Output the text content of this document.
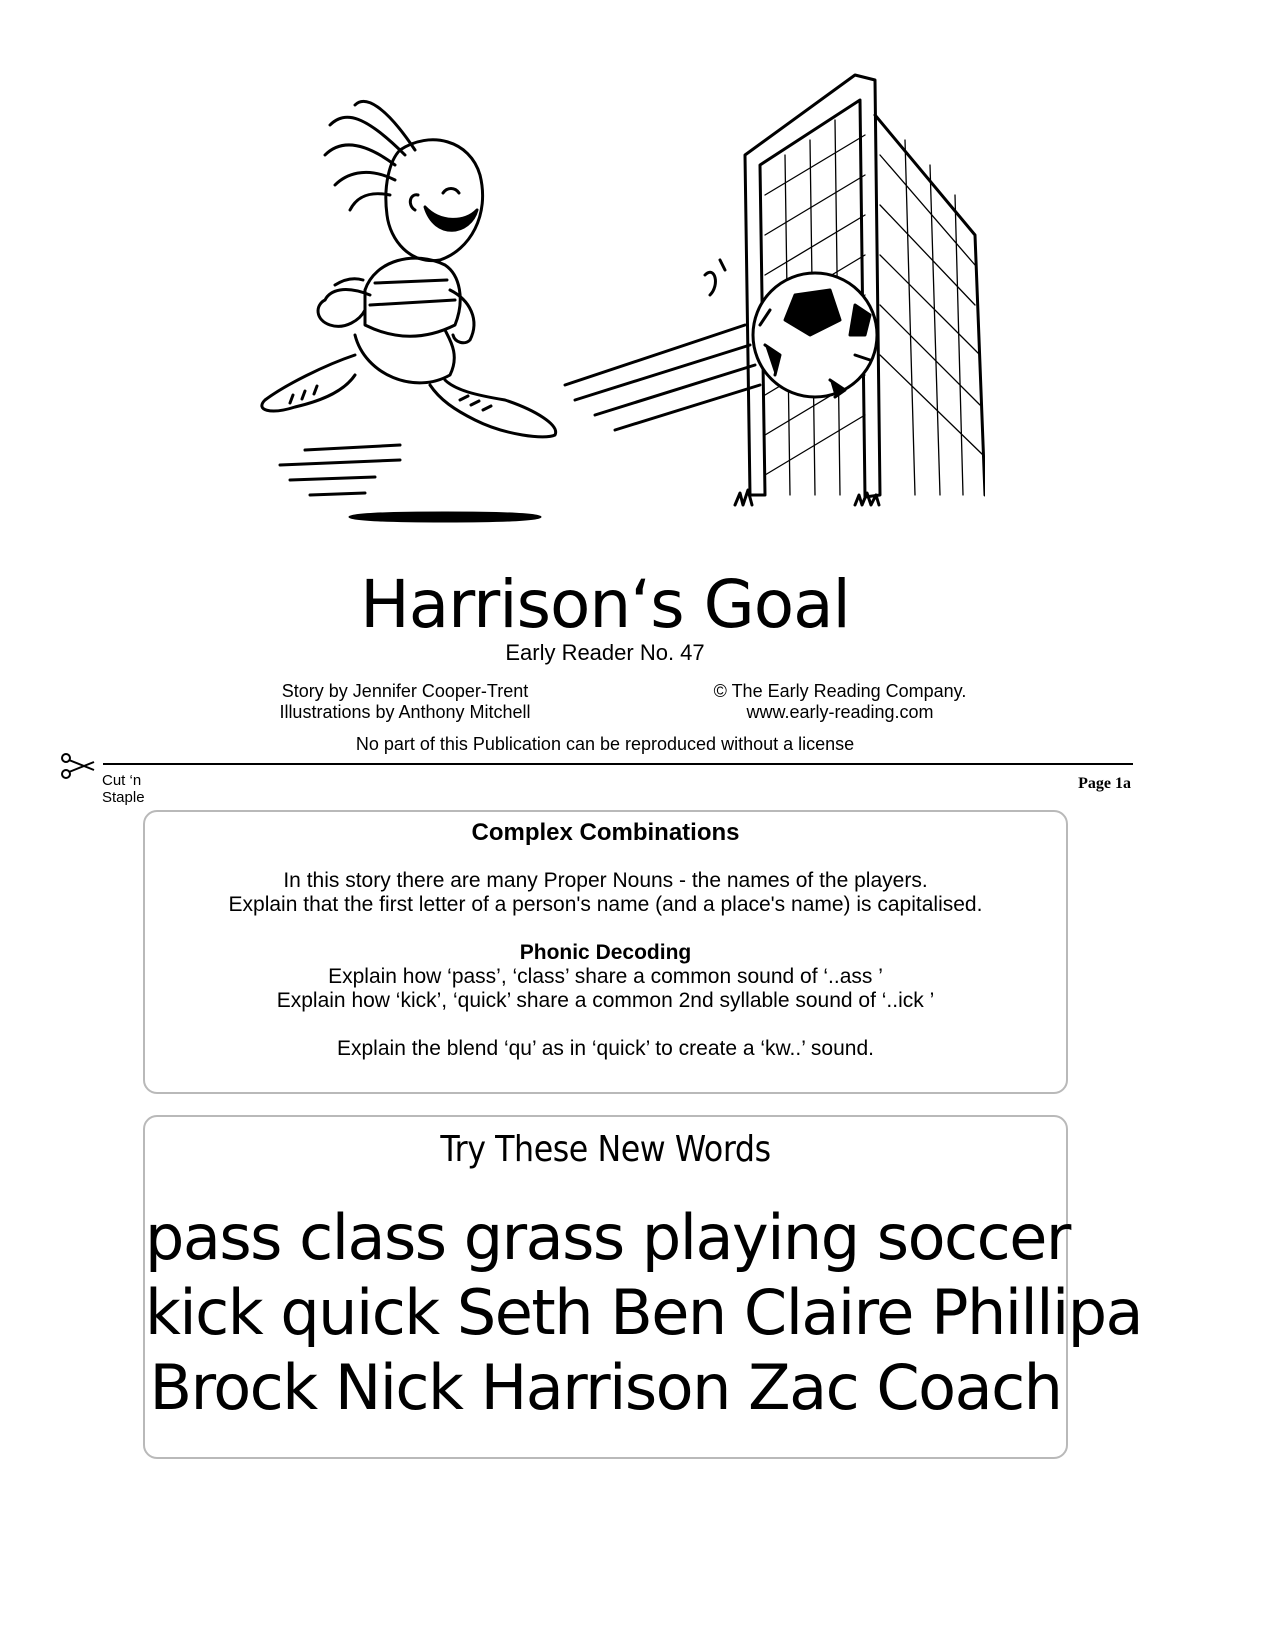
Harrison‘s Goal
Early Reader No. 47
Story by Jennifer Cooper-Trent
Illustrations by Anthony Mitchell
© The Early Reading Company.
www.early-reading.com
No part of this Publication can be reproduced without a license
Cut ‘n
Staple
Page 1a
Complex Combinations
In this story there are many Proper Nouns - the names of the players.
Explain that the first letter of a person's name (and a place's name) is capitalised.
Phonic Decoding
Explain how ‘pass’, ‘class’ share a common sound of ‘..ass ’
Explain how ‘kick’, ‘quick’ share a common 2nd syllable sound of ‘..ick ’
Explain the blend ‘qu’ as in ‘quick’ to create a ‘kw..’ sound.
Try These New Words
pass class grass playing soccer
kick quick Seth Ben Claire Phillipa
Brock Nick Harrison Zac Coach
